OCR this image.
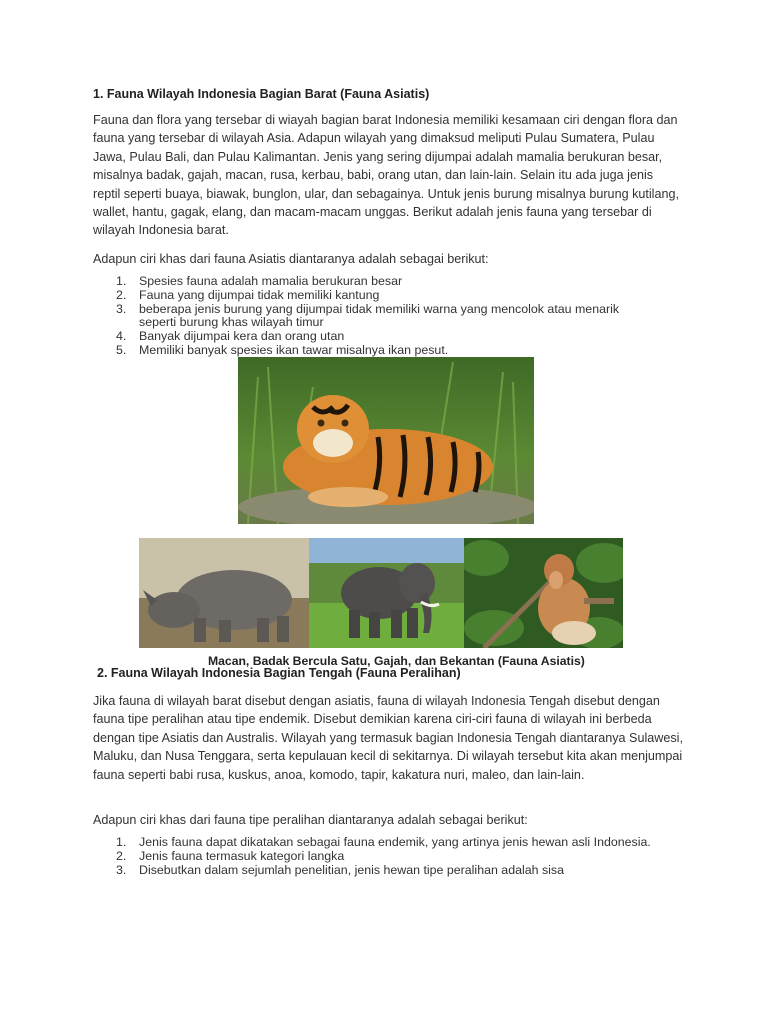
1. Fauna Wilayah Indonesia Bagian Barat (Fauna Asiatis)

Fauna dan flora yang tersebar di wiayah bagian barat Indonesia memiliki kesamaan ciri dengan flora dan fauna yang tersebar di wilayah Asia. Adapun wilayah yang dimaksud meliputi Pulau Sumatera, Pulau Jawa, Pulau Bali, dan Pulau Kalimantan. Jenis yang sering dijumpai adalah mamalia berukuran besar, misalnya badak, gajah, macan, rusa, kerbau, babi, orang utan, dan lain-lain. Selain itu ada juga jenis reptil seperti buaya, biawak, bunglon, ular, dan sebagainya. Untuk jenis burung misalnya burung kutilang, wallet, hantu, gagak, elang, dan macam-macam unggas. Berikut adalah jenis fauna yang tersebar di wilayah Indonesia barat.

Adapun ciri khas dari fauna Asiatis diantaranya adalah sebagai berikut:

1. Spesies fauna adalah mamalia berukuran besar
2. Fauna yang dijumpai tidak memiliki kantung
3. beberapa jenis burung yang dijumpai tidak memiliki warna yang mencolok atau menarik seperti burung khas wilayah timur
4. Banyak dijumpai kera dan orang utan
5. Memiliki banyak spesies ikan tawar misalnya ikan pesut.
Macan, Badak Bercula Satu, Gajah, dan Bekantan (Fauna Asiatis)
2. Fauna Wilayah Indonesia Bagian Tengah (Fauna Peralihan)

Jika fauna di wilayah barat disebut dengan asiatis, fauna di wilayah Indonesia Tengah disebut dengan fauna tipe peralihan atau tipe endemik. Disebut demikian karena ciri-ciri fauna di wilayah ini berbeda dengan tipe Asiatis dan Australis. Wilayah yang termasuk bagian Indonesia Tengah diantaranya Sulawesi, Maluku, dan Nusa Tenggara, serta kepulauan kecil di sekitarnya. Di wilayah tersebut kita akan menjumpai fauna seperti babi rusa, kuskus, anoa, komodo, tapir, kakatura nuri, maleo, dan lain-lain.

Adapun ciri khas dari fauna tipe peralihan diantaranya adalah sebagai berikut:

1. Jenis fauna dapat dikatakan sebagai fauna endemik, yang artinya jenis hewan asli Indonesia.
2. Jenis fauna termasuk kategori langka
3. Disebutkan dalam sejumlah penelitian, jenis hewan tipe peralihan adalah sisa
